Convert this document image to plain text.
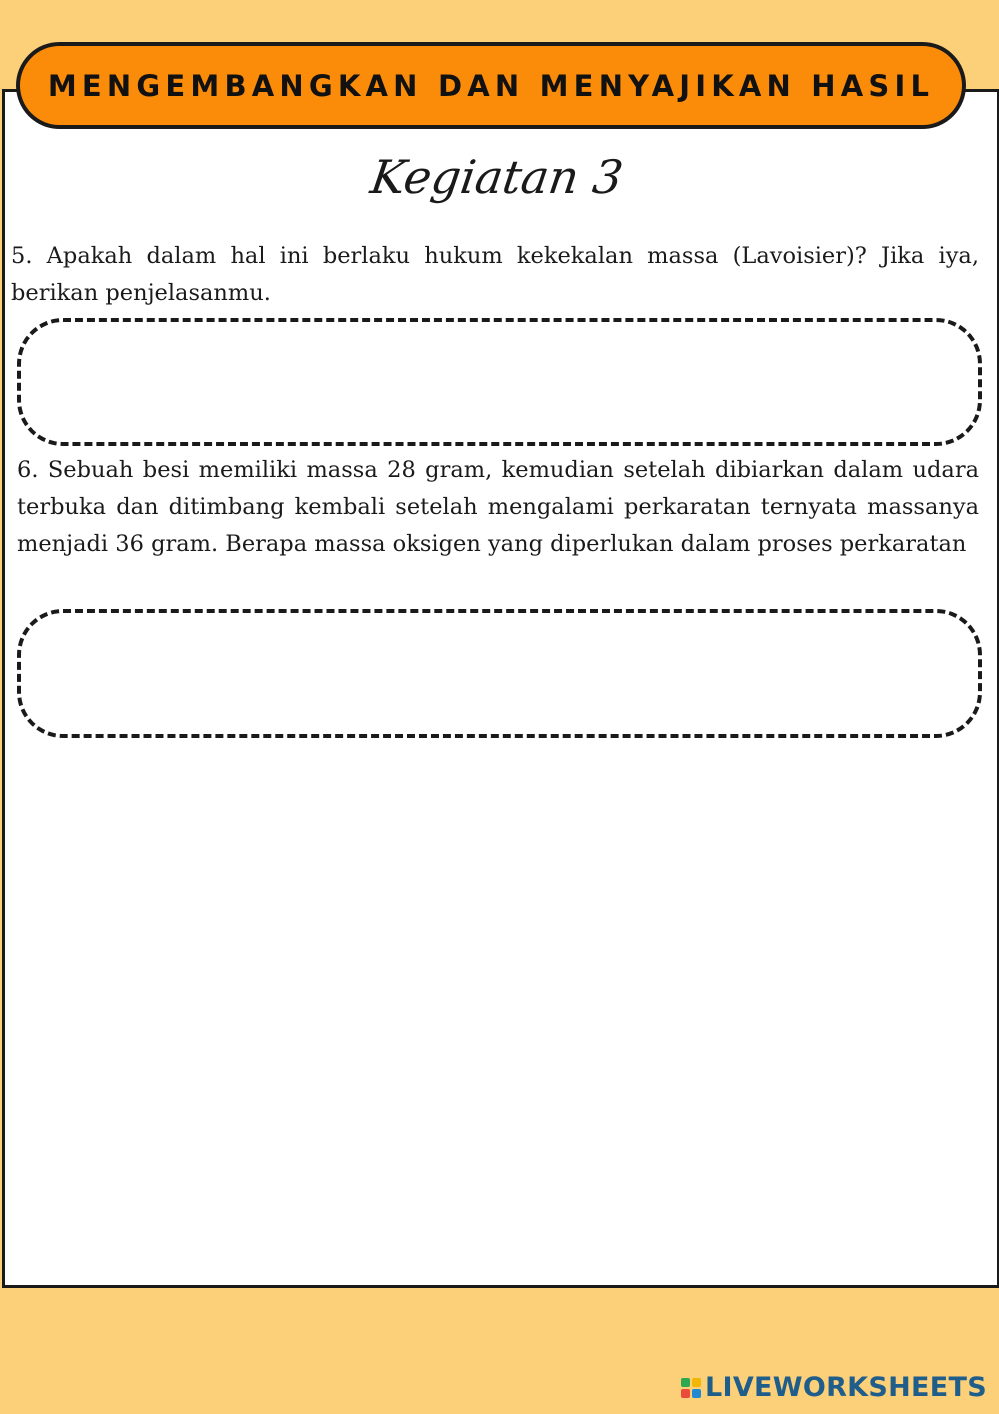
MENGEMBANGKAN DAN MENYAJIKAN HASIL
Kegiatan 3

5. Apakah dalam hal ini berlaku hukum kekekalan massa (Lavoisier)? Jika iya, berikan penjelasanmu.

6. Sebuah besi memiliki massa 28 gram, kemudian setelah dibiarkan dalam udara terbuka dan ditimbang kembali setelah mengalami perkaratan ternyata massanya menjadi 36 gram. Berapa massa oksigen yang diperlukan dalam proses perkaratan

LIVEWORKSHEETS
